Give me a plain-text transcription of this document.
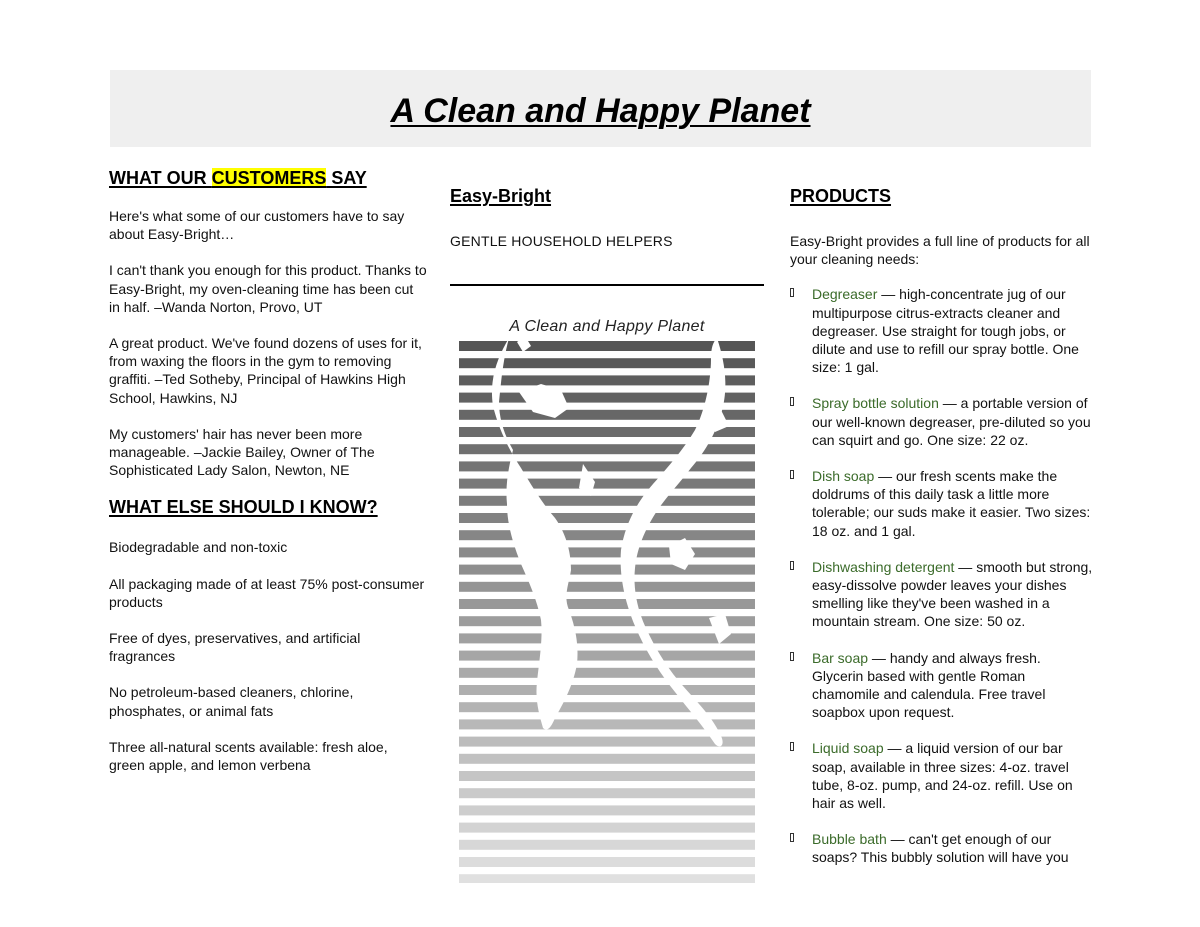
A Clean and Happy Planet
WHAT OUR CUSTOMERS SAY

Here's what some of our customers have to say about Easy-Bright…

I can't thank you enough for this product. Thanks to Easy-Bright, my oven-cleaning time has been cut in half. –Wanda Norton, Provo, UT

A great product. We've found dozens of uses for it, from waxing the floors in the gym to removing graffiti. –Ted Sotheby, Principal of Hawkins High School, Hawkins, NJ

My customers' hair has never been more manageable. –Jackie Bailey, Owner of The Sophisticated Lady Salon, Newton, NE

WHAT ELSE SHOULD I KNOW?

Biodegradable and non-toxic

All packaging made of at least 75% post-consumer products

Free of dyes, preservatives, and artificial fragrances

No petroleum-based cleaners, chlorine, phosphates, or animal fats

Three all-natural scents available: fresh aloe, green apple, and lemon verbena

Easy-Bright

GENTLE HOUSEHOLD HELPERS

A Clean and Happy Planet
PRODUCTS

Easy-Bright provides a full line of products for all your cleaning needs:

Degreaser — high-concentrate jug of our multipurpose citrus-extracts cleaner and degreaser. Use straight for tough jobs, or dilute and use to refill our spray bottle. One size: 1 gal.

Spray bottle solution — a portable version of our well-known degreaser, pre-diluted so you can squirt and go. One size: 22 oz.

Dish soap — our fresh scents make the doldrums of this daily task a little more tolerable; our suds make it easier. Two sizes: 18 oz. and 1 gal.

Dishwashing detergent — smooth but strong, easy-dissolve powder leaves your dishes smelling like they've been washed in a mountain stream. One size: 50 oz.

Bar soap — handy and always fresh. Glycerin based with gentle Roman chamomile and calendula. Free travel soapbox upon request.

Liquid soap — a liquid version of our bar soap, available in three sizes: 4-oz. travel tube, 8-oz. pump, and 24-oz. refill. Use on hair as well.

Bubble bath — can't get enough of our soaps? This bubbly solution will have you
